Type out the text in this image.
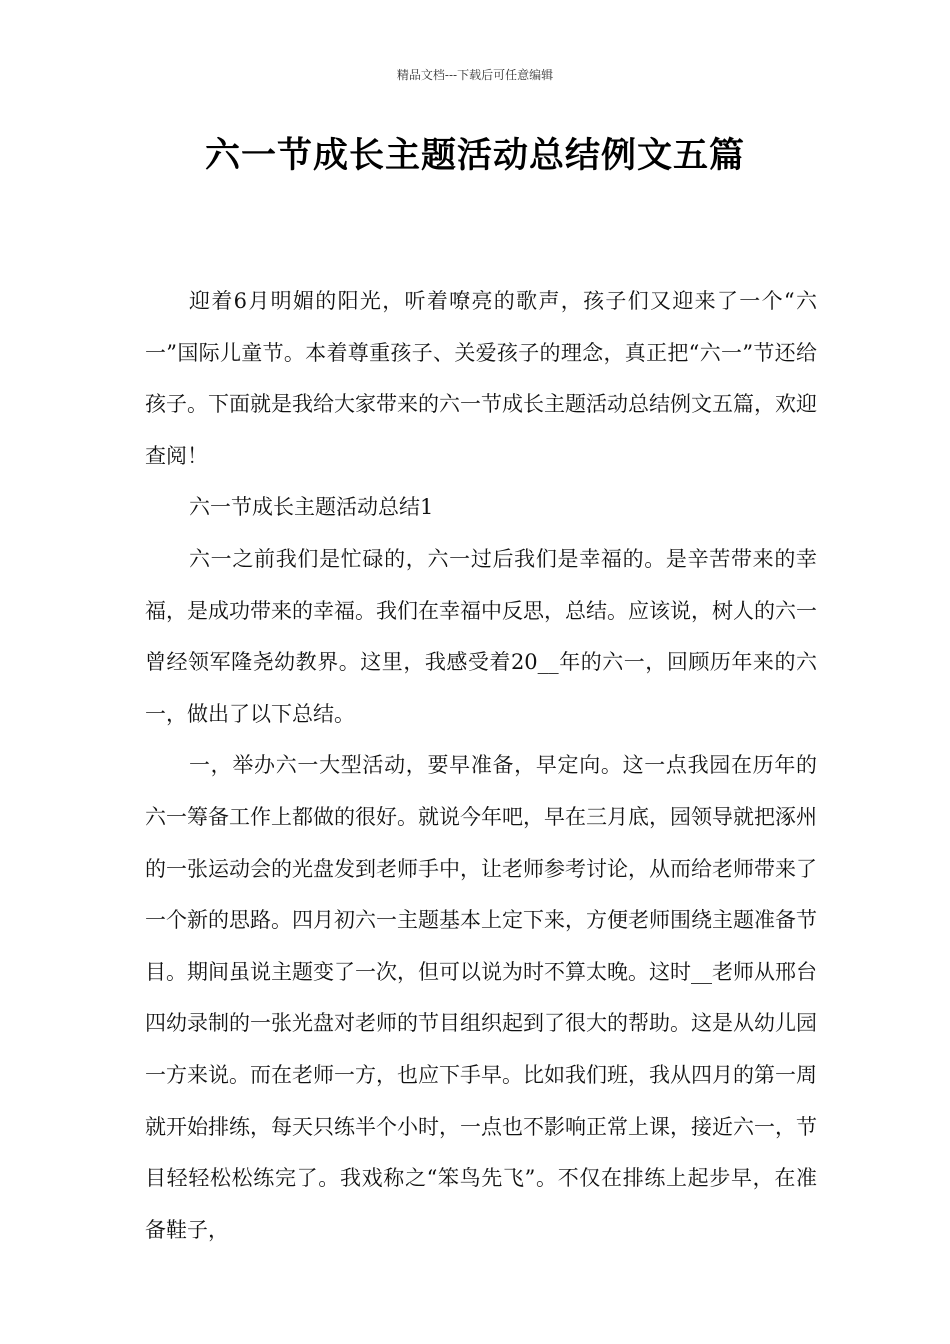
精品文档---下载后可任意编辑
六一节成长主题活动总结例文五篇

迎着6月明媚的阳光，听着嘹亮的歌声，孩子们又迎来了一个“六一”国际儿童节。本着尊重孩子、关爱孩子的理念，真正把“六一”节还给孩子。下面就是我给大家带来的六一节成长主题活动总结例文五篇，欢迎查阅！

六一节成长主题活动总结1

六一之前我们是忙碌的，六一过后我们是幸福的。是辛苦带来的幸福，是成功带来的幸福。我们在幸福中反思，总结。应该说，树人的六一曾经领军隆尧幼教界。这里，我感受着20__年的六一，回顾历年来的六一，做出了以下总结。

一，举办六一大型活动，要早准备，早定向。这一点我园在历年的六一筹备工作上都做的很好。就说今年吧，早在三月底，园领导就把涿州的一张运动会的光盘发到老师手中，让老师参考讨论，从而给老师带来了一个新的思路。四月初六一主题基本上定下来，方便老师围绕主题准备节目。期间虽说主题变了一次，但可以说为时不算太晚。这时__老师从邢台四幼录制的一张光盘对老师的节目组织起到了很大的帮助。这是从幼儿园一方来说。而在老师一方，也应下手早。比如我们班，我从四月的第一周就开始排练，每天只练半个小时，一点也不影响正常上课，接近六一，节目轻轻松松练完了。我戏称之“笨鸟先飞”。不仅在排练上起步早，在准备鞋子，
